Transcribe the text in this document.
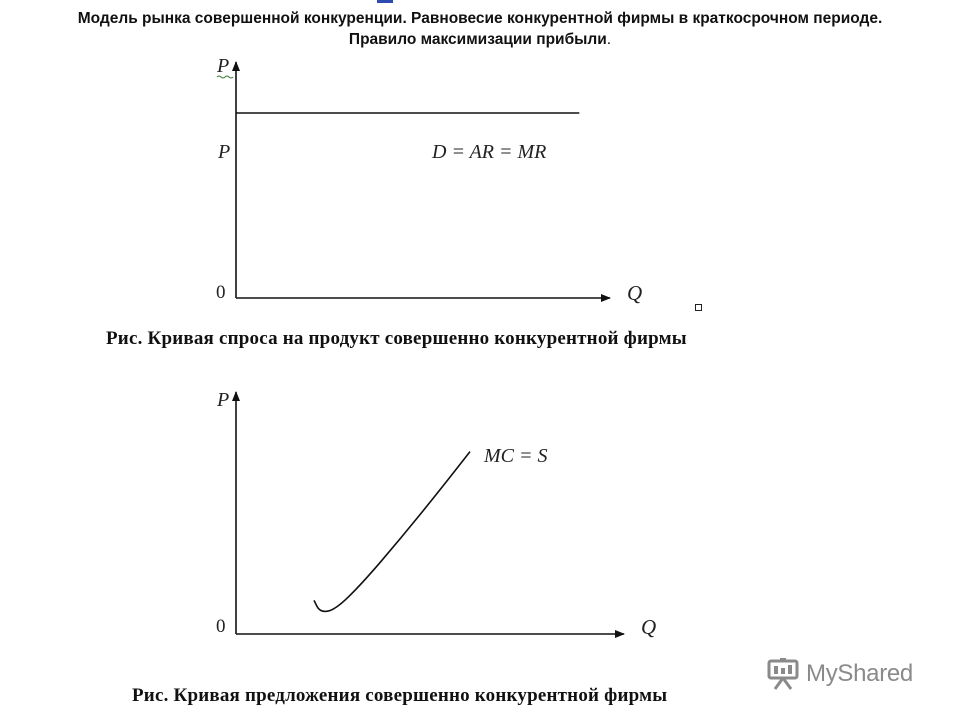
Модель рынка совершенной конкуренции. Равновесие конкурентной фирмы в краткосрочном периоде.
Правило максимизации прибыли.
P
Q
0
P	D = AR = MR
P
Q
0
MC = S
Рис. Кривая спроса на продукт совершенно конкурентной фирмы
Рис. Кривая предложения совершенно конкурентной фирмы
MyShared
